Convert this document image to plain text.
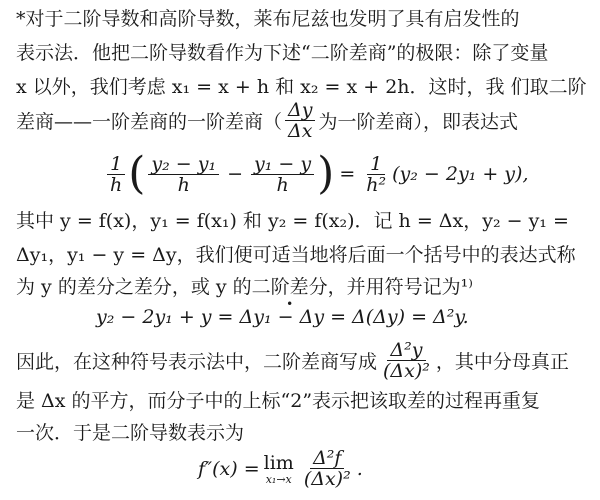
*对于二阶导数和高阶导数，莱布尼兹也发明了具有启发性的
表示法．他把二阶导数看作为下述“二阶差商”的极限：除了变量
x 以外，我们考虑 x₁ = x + h 和 x₂ = x + 2h．这时，我 们取二阶
差商——一阶差商的一阶差商（ $\frac{\Delta y}{\Delta x}$ 为一阶差商），即表达式
$\frac{1}{h}$ ( $\frac{\text{y₂ − y₁}}{h} - \frac{\text{y₁ − y}}{h}$ ) = $\frac{1}{\text{h²}} (y_2 - 2y_1 + y)$,
其中 y = f(x)，y₁ = f(x₁) 和 y₂ = f(x₂)．记 h = Δx，y₂ − y₁ =
Δy₁，y₁ − y = Δy，我们便可适当地将后面一个括号中的表达式称
为 y 的差分之差分，或 y 的二阶差分，并用符号记为¹⁾
y₂ − 2y₁ + y = Δy₁ − Δy = Δ(Δy) = Δ²y.
因此，在这种符号表示法中，二阶差商写成 $\frac{\text{Δ²y}}{\text{(Δx)²}}$ ，其中分母真正
是 Δx 的平方，而分子中的上标“2”表示把该取差的过程再重复
一次．于是二阶导数表示为
f″(x) = lim
$x_1\to x \frac{\text{Δ²f}}{\text{(Δx)²}}$ .
